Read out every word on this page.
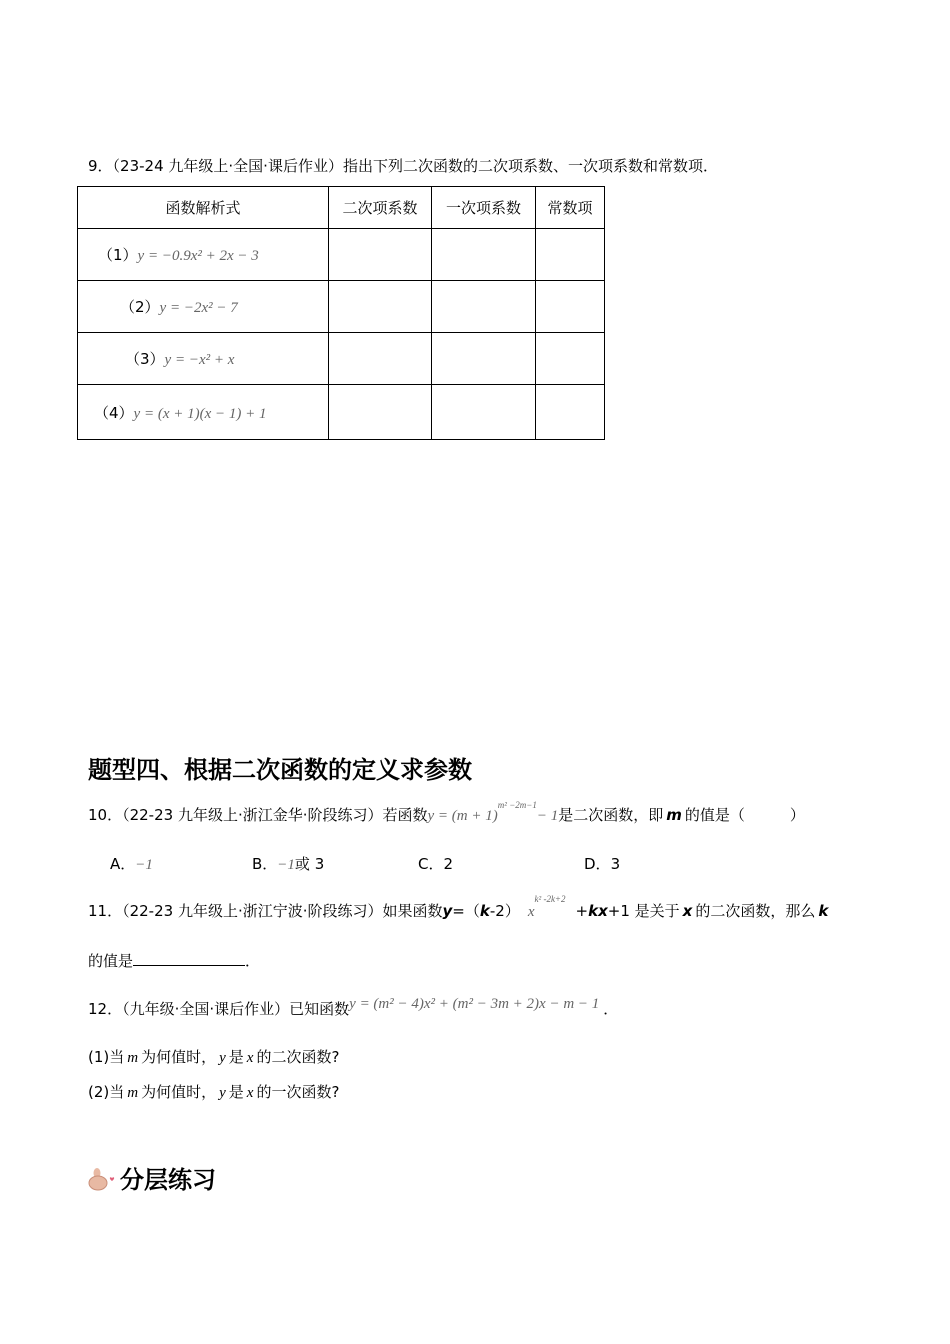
9．（23-24 九年级上·全国·课后作业）指出下列二次函数的二次项系数、一次项系数和常数项．
函数解析式	二次项系数	一次项系数	常数项
（1）y = −0.9x² + 2x − 3			
（2）y = −2x² − 7			
（3）y = −x² + x			
（4）y = (x + 1)(x − 1) + 1			
题型四、根据二次函数的定义求参数
10．（22-23 九年级上·浙江金华·阶段练习）若函数$y = (m + 1)^{m^2 -2m-1}- 1$是二次函数，即 m 的值是（　　　）
A．−1	B．−1或 3	C．2	D．3
11．（22-23 九年级上·浙江宁波·阶段练习）如果函数y=（k-2） $x^{k^2 -2k+2}+kx+1$ 是关于 x 的二次函数，那么 k
的值是	．
12．（九年级·全国·课后作业）已知函数y = (m² − 4)x² + (m² − 3m + 2)x − m − 1 ．
(1)当 m 为何值时， y 是 x 的二次函数?
(2)当 m 为何值时， y 是 x 的一次函数?
分层练习
